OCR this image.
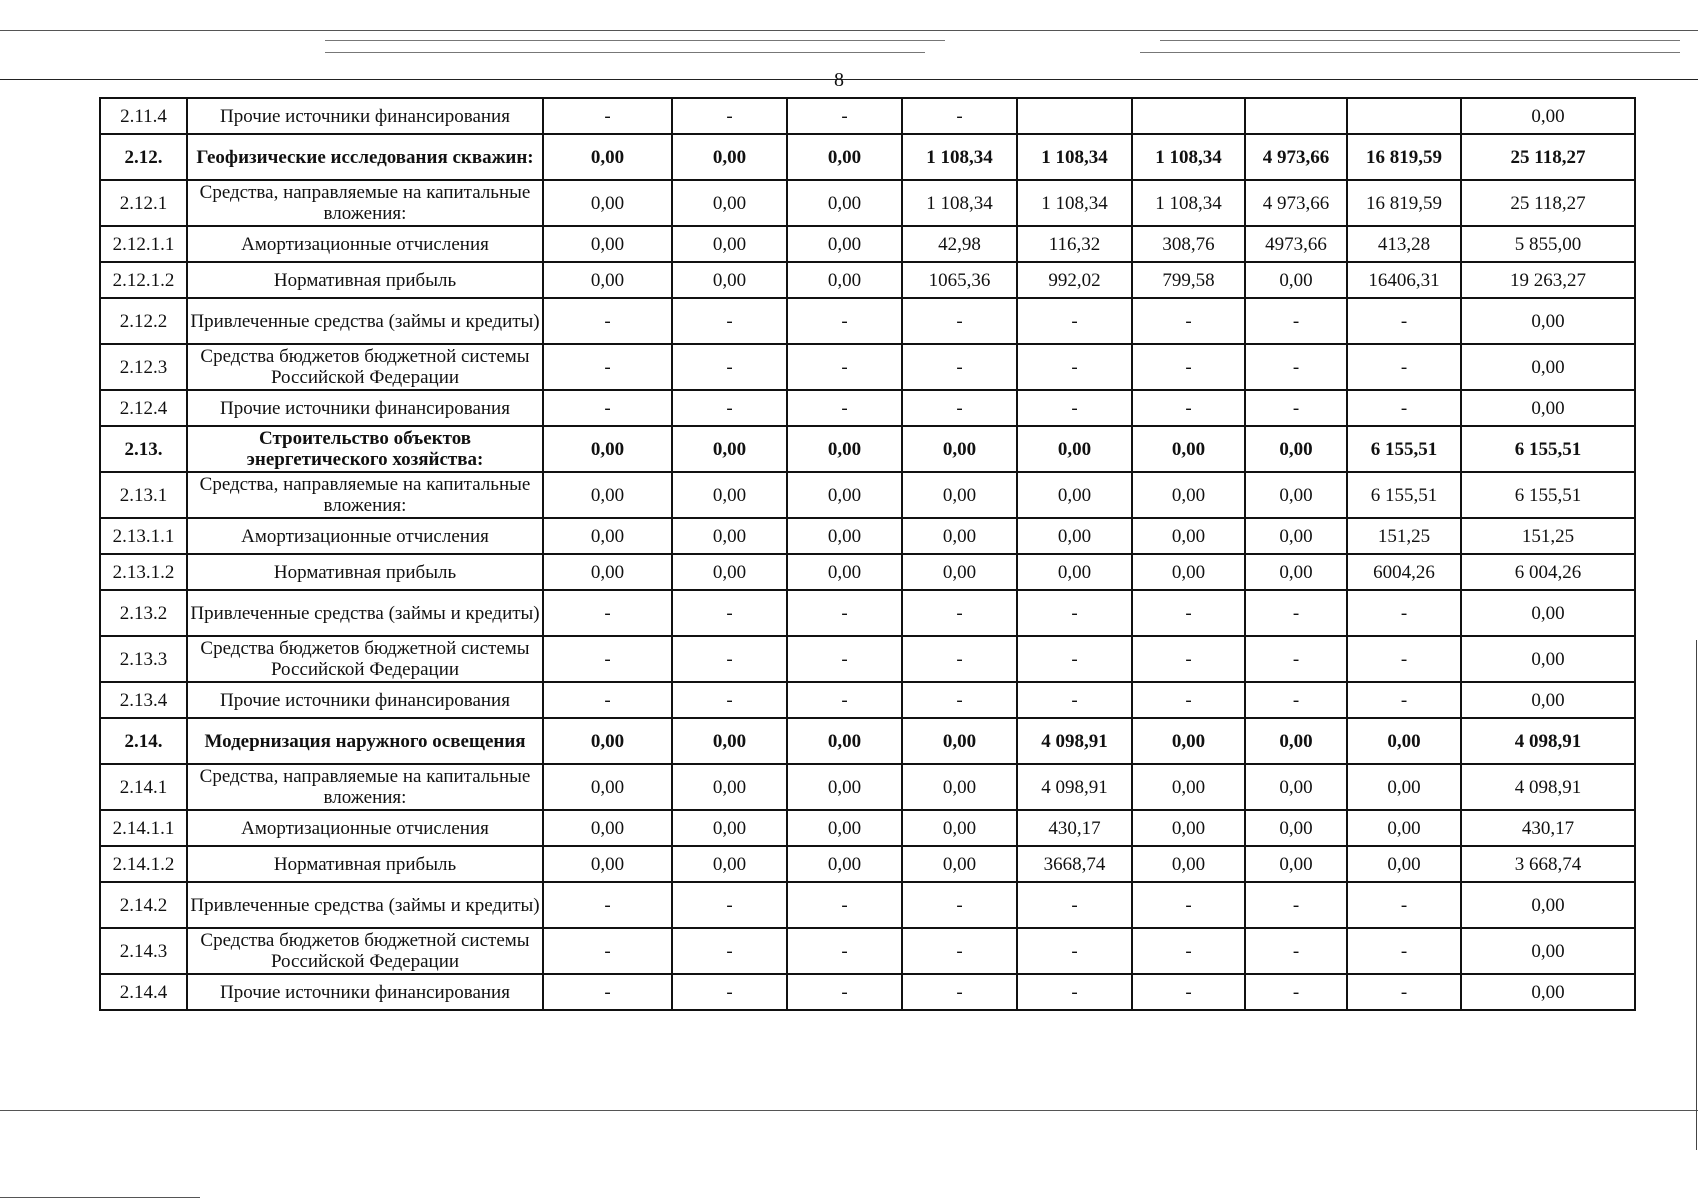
8
2.11.4	Прочие источники финансирования	-	-	-	-					0,00
2.12.	Геофизические исследования скважин:	0,00	0,00	0,00	1 108,34	1 108,34	1 108,34	4 973,66	16 819,59	25 118,27
2.12.1	Средства, направляемые на капитальные вложения:	0,00	0,00	0,00	1 108,34	1 108,34	1 108,34	4 973,66	16 819,59	25 118,27
2.12.1.1	Амортизационные отчисления	0,00	0,00	0,00	42,98	116,32	308,76	4973,66	413,28	5 855,00
2.12.1.2	Нормативная прибыль	0,00	0,00	0,00	1065,36	992,02	799,58	0,00	16406,31	19 263,27
2.12.2	Привлеченные средства (займы и кредиты)	-	-	-	-	-	-	-	-	0,00
2.12.3	Средства бюджетов бюджетной системы Российской Федерации	-	-	-	-	-	-	-	-	0,00
2.12.4	Прочие источники финансирования	-	-	-	-	-	-	-	-	0,00
2.13.	Строительство объектов энергетического хозяйства:	0,00	0,00	0,00	0,00	0,00	0,00	0,00	6 155,51	6 155,51
2.13.1	Средства, направляемые на капитальные вложения:	0,00	0,00	0,00	0,00	0,00	0,00	0,00	6 155,51	6 155,51
2.13.1.1	Амортизационные отчисления	0,00	0,00	0,00	0,00	0,00	0,00	0,00	151,25	151,25
2.13.1.2	Нормативная прибыль	0,00	0,00	0,00	0,00	0,00	0,00	0,00	6004,26	6 004,26
2.13.2	Привлеченные средства (займы и кредиты)	-	-	-	-	-	-	-	-	0,00
2.13.3	Средства бюджетов бюджетной системы Российской Федерации	-	-	-	-	-	-	-	-	0,00
2.13.4	Прочие источники финансирования	-	-	-	-	-	-	-	-	0,00
2.14.	Модернизация наружного освещения	0,00	0,00	0,00	0,00	4 098,91	0,00	0,00	0,00	4 098,91
2.14.1	Средства, направляемые на капитальные вложения:	0,00	0,00	0,00	0,00	4 098,91	0,00	0,00	0,00	4 098,91
2.14.1.1	Амортизационные отчисления	0,00	0,00	0,00	0,00	430,17	0,00	0,00	0,00	430,17
2.14.1.2	Нормативная прибыль	0,00	0,00	0,00	0,00	3668,74	0,00	0,00	0,00	3 668,74
2.14.2	Привлеченные средства (займы и кредиты)	-	-	-	-	-	-	-	-	0,00
2.14.3	Средства бюджетов бюджетной системы Российской Федерации	-	-	-	-	-	-	-	-	0,00
2.14.4	Прочие источники финансирования	-	-	-	-	-	-	-	-	0,00
